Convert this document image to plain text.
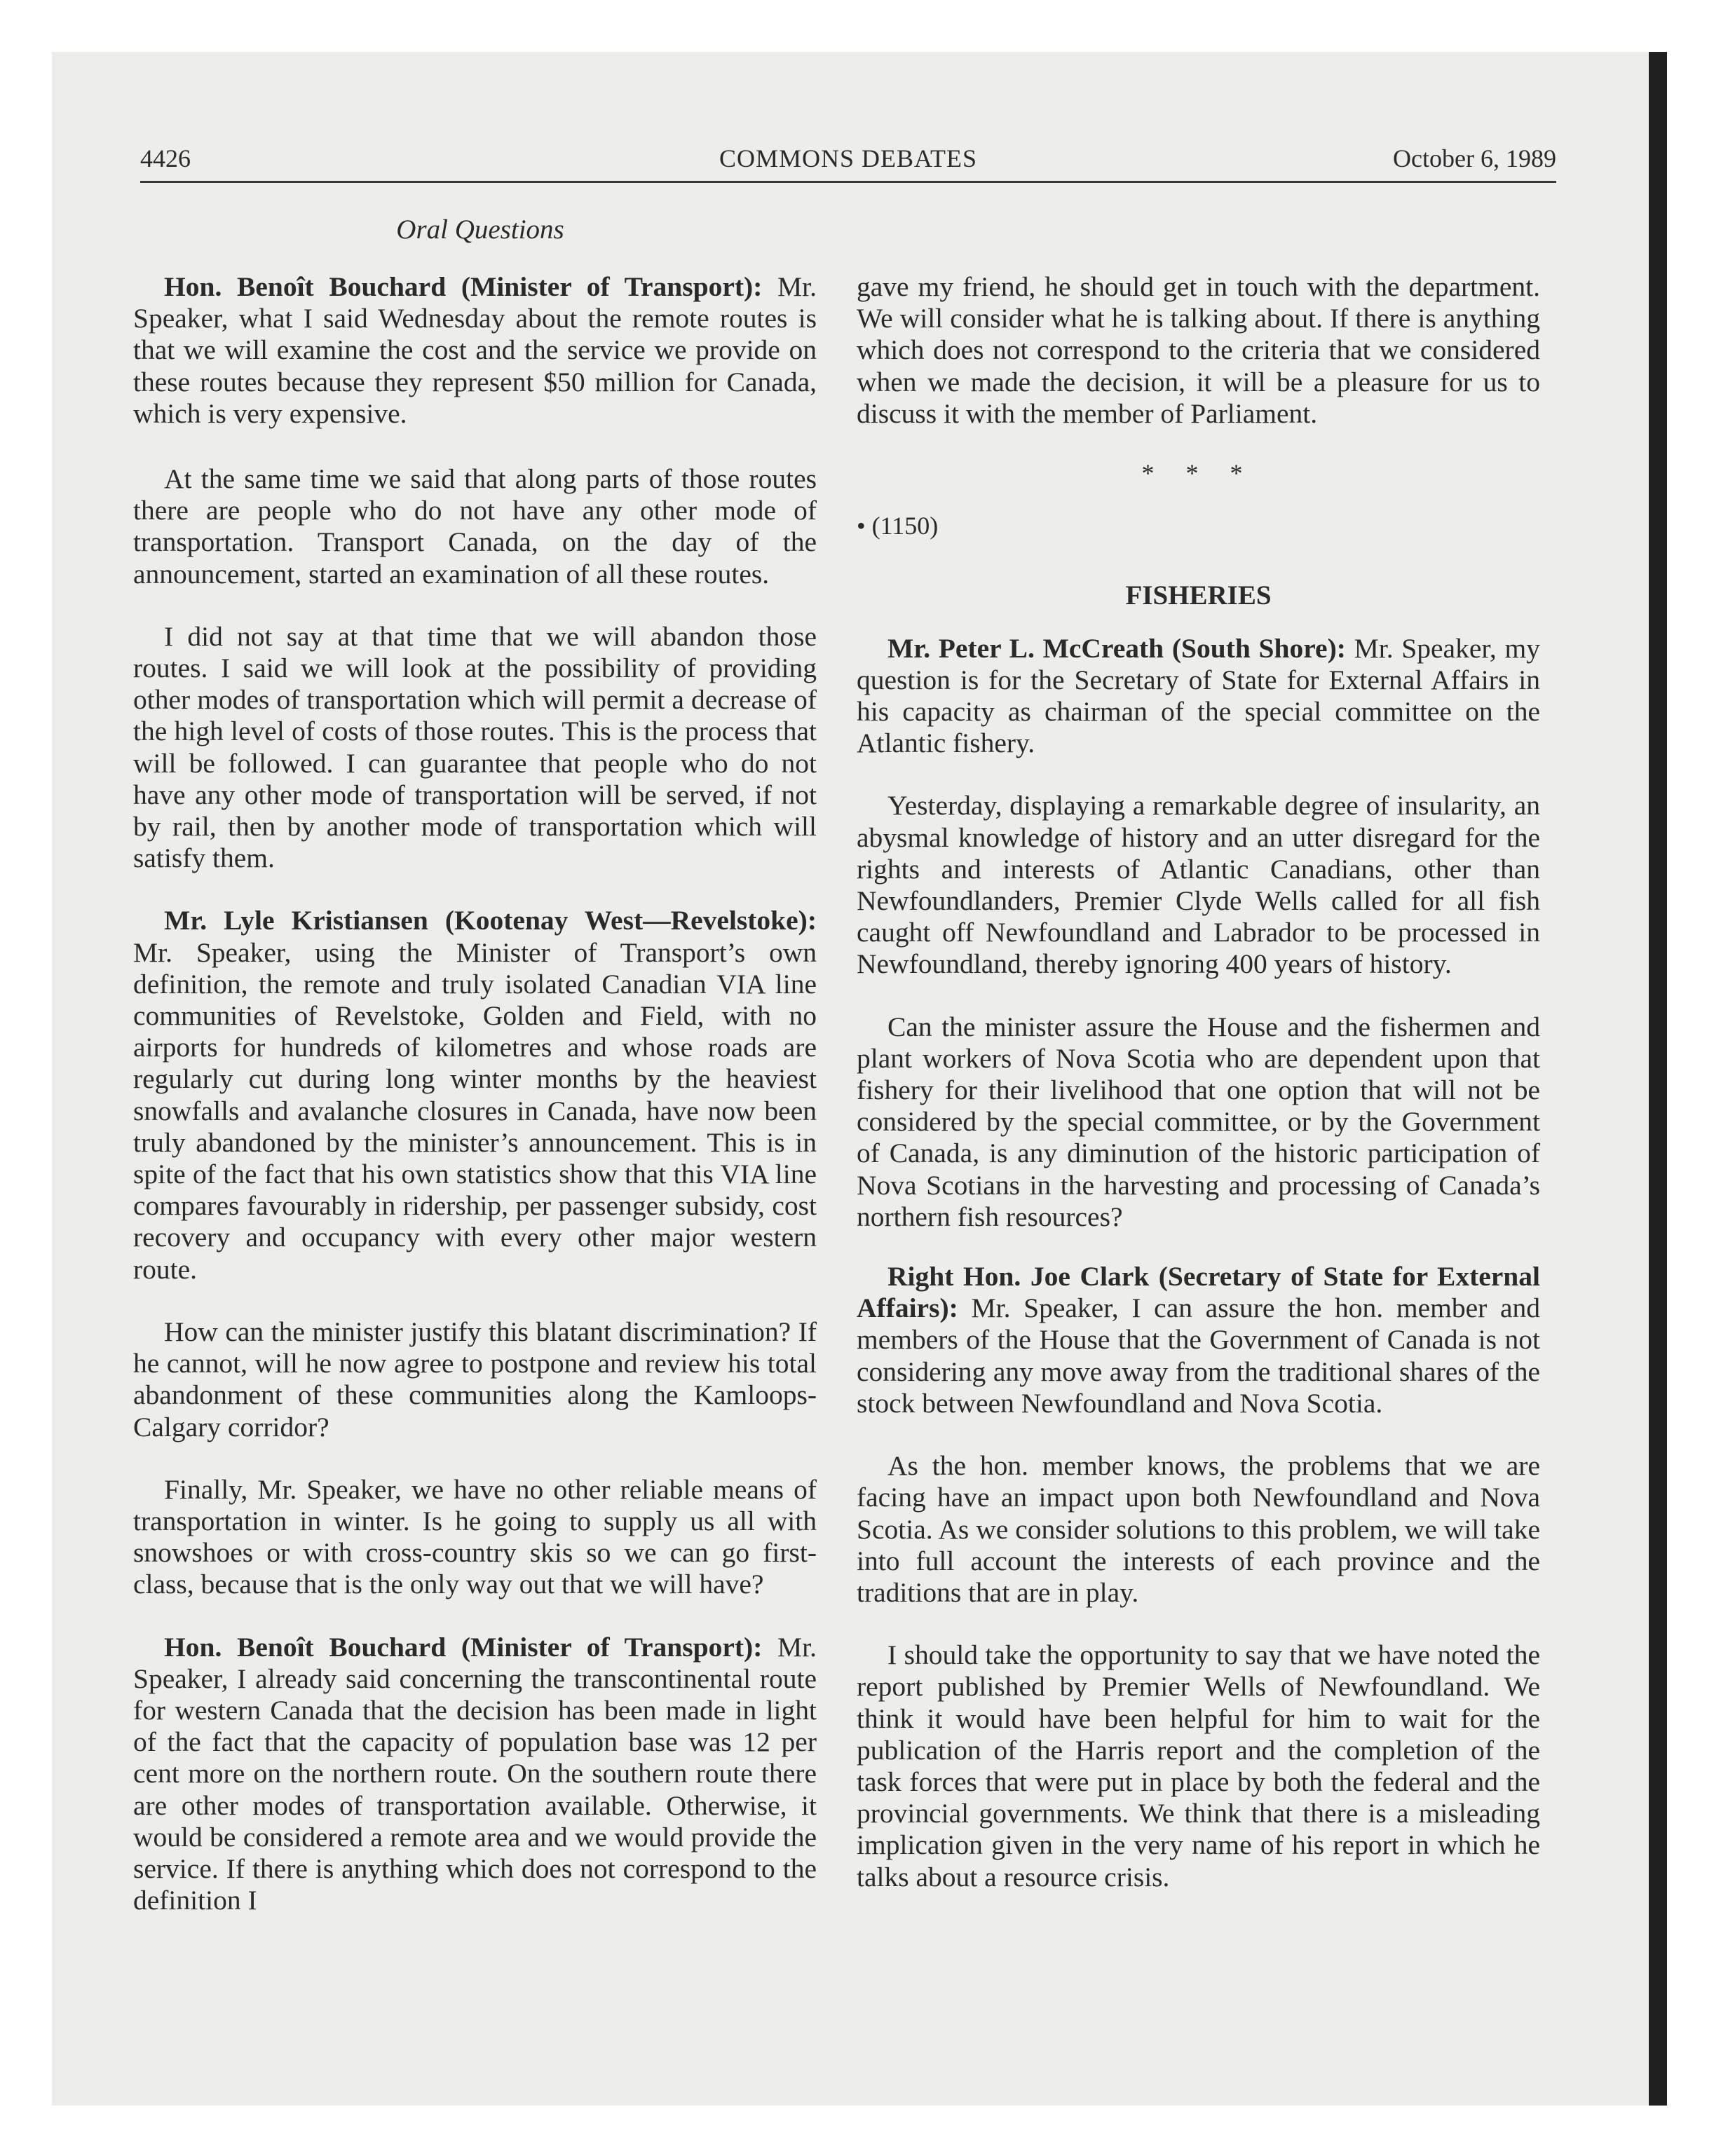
4426	COMMONS DEBATES	October 6, 1989
Oral Questions

Hon. Benoît Bouchard (Minister of Transport): Mr. Speaker, what I said Wednesday about the remote routes is that we will examine the cost and the service we provide on these routes because they represent $50 million for Canada, which is very expensive.

At the same time we said that along parts of those routes there are people who do not have any other mode of transportation. Transport Canada, on the day of the announcement, started an examination of all these routes.

I did not say at that time that we will abandon those routes. I said we will look at the possibility of providing other modes of transportation which will permit a decrease of the high level of costs of those routes. This is the process that will be followed. I can guarantee that people who do not have any other mode of transportation will be served, if not by rail, then by another mode of transportation which will satisfy them.

Mr. Lyle Kristiansen (Kootenay West—Revelstoke): Mr. Speaker, using the Minister of Transport’s own definition, the remote and truly isolated Canadian VIA line communities of Revelstoke, Golden and Field, with no airports for hundreds of kilometres and whose roads are regularly cut during long winter months by the heaviest snowfalls and avalanche closures in Canada, have now been truly abandoned by the minister’s announcement. This is in spite of the fact that his own statistics show that this VIA line compares favourably in ridership, per passenger subsidy, cost recovery and occupancy with every other major western route.

How can the minister justify this blatant discrimination? If he cannot, will he now agree to postpone and review his total abandonment of these communities along the Kamloops-Calgary corridor?

Finally, Mr. Speaker, we have no other reliable means of transportation in winter. Is he going to supply us all with snowshoes or with cross-country skis so we can go first-class, because that is the only way out that we will have?

Hon. Benoît Bouchard (Minister of Transport): Mr. Speaker, I already said concerning the transcontinental route for western Canada that the decision has been made in light of the fact that the capacity of population base was 12 per cent more on the northern route. On the southern route there are other modes of transportation available. Otherwise, it would be considered a remote area and we would provide the service. If there is anything which does not correspond to the definition I

gave my friend, he should get in touch with the department. We will consider what he is talking about. If there is anything which does not correspond to the criteria that we considered when we made the decision, it will be a pleasure for us to discuss it with the member of Parliament.

* * *
• (1150)
FISHERIES

Mr. Peter L. McCreath (South Shore): Mr. Speaker, my question is for the Secretary of State for External Affairs in his capacity as chairman of the special committee on the Atlantic fishery.

Yesterday, displaying a remarkable degree of insularity, an abysmal knowledge of history and an utter disregard for the rights and interests of Atlantic Canadians, other than Newfoundlanders, Premier Clyde Wells called for all fish caught off Newfoundland and Labrador to be processed in Newfoundland, thereby ignoring 400 years of history.

Can the minister assure the House and the fishermen and plant workers of Nova Scotia who are dependent upon that fishery for their livelihood that one option that will not be considered by the special committee, or by the Government of Canada, is any diminution of the historic participation of Nova Scotians in the harvesting and processing of Canada’s northern fish resources?

Right Hon. Joe Clark (Secretary of State for External Affairs): Mr. Speaker, I can assure the hon. member and members of the House that the Government of Canada is not considering any move away from the traditional shares of the stock between Newfoundland and Nova Scotia.

As the hon. member knows, the problems that we are facing have an impact upon both Newfoundland and Nova Scotia. As we consider solutions to this problem, we will take into full account the interests of each province and the traditions that are in play.

I should take the opportunity to say that we have noted the report published by Premier Wells of Newfoundland. We think it would have been helpful for him to wait for the publication of the Harris report and the completion of the task forces that were put in place by both the federal and the provincial governments. We think that there is a misleading implication given in the very name of his report in which he talks about a resource crisis.
